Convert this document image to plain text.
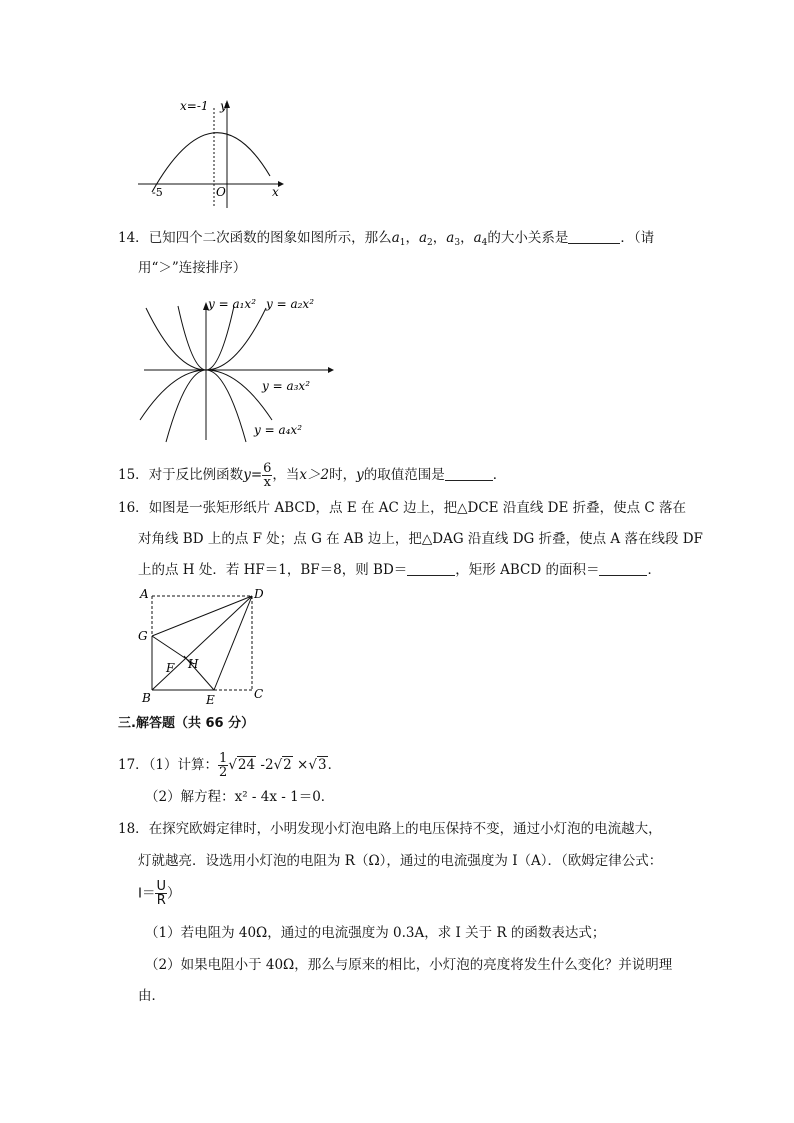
x=-1 y
x
O
-5
14．已知四个二次函数的图象如图所示，那么$a_1$，$a_2$，$a_3$，$a_4$的大小关系是	．（请
用“＞”连接排序）
y = a₁x² y = a₂x²
y = a₃x²
y = a₄x²
15．对于反比例函数$y= \frac{6}{x}$ ，当x＞2时，y的取值范围是	．
16．如图是一张矩形纸片 ABCD，点 E 在 AC 边上，把△DCE 沿直线 DE 折叠，使点 C 落在
对角线 BD 上的点 F 处；点 G 在 AB 边上，把△DAG 沿直线 DG 折叠，使点 A 落在线段 DF
上的点 H 处．若 HF＝1，BF＝8，则 BD＝	，矩形 ABCD 的面积＝	．
A	D
G
F H
B	E	C
三.解答题（共 66 分）
17．（1）计算： $\frac{1}{2} √24$ -2√2 ×√3．
（2）解方程：x² - 4x - 1＝0．
18．在探究欧姆定律时，小明发现小灯泡电路上的电压保持不变，通过小灯泡的电流越大，
灯就越亮．设选用小灯泡的电阻为 R（Ω），通过的电流强度为 I（A）．（欧姆定律公式：
$I= \frac{U}{R}$ ）
（1）若电阻为 40Ω，通过的电流强度为 0.3A，求 I 关于 R 的函数表达式；
（2）如果电阻小于 40Ω，那么与原来的相比，小灯泡的亮度将发生什么变化？并说明理
由．
